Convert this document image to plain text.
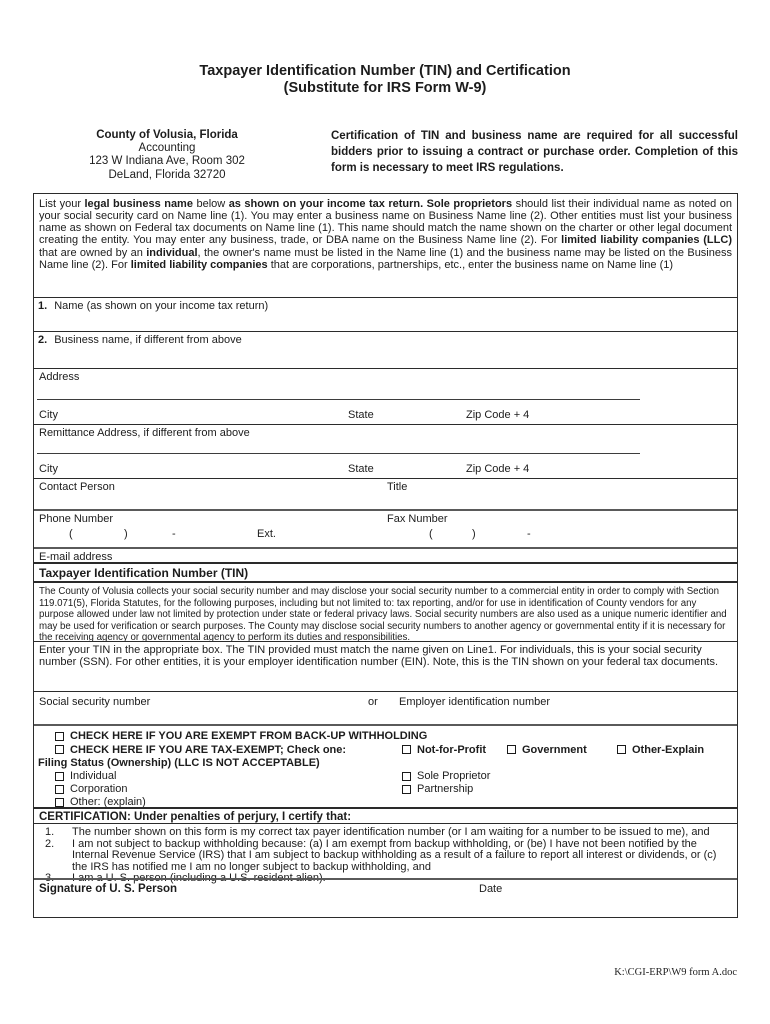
Taxpayer Identification Number (TIN) and Certification
(Substitute for IRS Form W-9)
County of Volusia, Florida
Accounting
123 W Indiana Ave, Room 302
DeLand, Florida 32720
Certification of TIN and business name are required for all successful bidders prior to issuing a contract or purchase order. Completion of this form is necessary to meet IRS regulations.
List your legal business name below as shown on your income tax return. Sole proprietors should list their individual name as noted on your social security card on Name line (1). You may enter a business name on Business Name line (2). Other entities must list your business name as shown on Federal tax documents on Name line (1). This name should match the name shown on the charter or other legal document creating the entity. You may enter any business, trade, or DBA name on the Business Name line (2). For limited liability companies (LLC) that are owned by an individual, the owner's name must be listed in the Name line (1) and the business name may be listed on the Business Name line (2). For limited liability companies that are corporations, partnerships, etc., enter the business name on Name line (1)
1. Name (as shown on your income tax return)
2. Business name, if different from above
Address
City	State	Zip Code + 4
Remittance Address, if different from above
City	State	Zip Code + 4
Contact Person	Title
Phone Number	Fax Number
(	)	-	Ext.	(	)	-
E-mail address
Taxpayer Identification Number (TIN)
The County of Volusia collects your social security number and may disclose your social security number to a commercial entity in order to comply with Section 119.071(5), Florida Statutes, for the following purposes, including but not limited to: tax reporting, and/or for use in identification of County vendors for any purpose allowed under law not limited by protection under state or federal privacy laws. Social security numbers are also used as a unique numeric identifier and may be used for verification or search purposes. The County may disclose social security numbers to another agency or governmental entity if it is necessary for the receiving agency or governmental agency to perform its duties and responsibilities.
Enter your TIN in the appropriate box. The TIN provided must match the name given on Line1. For individuals, this is your social security number (SSN). For other entities, it is your employer identification number (EIN). Note, this is the TIN shown on your federal tax documents.
Social security number	or Employer identification number
CHECK HERE IF YOU ARE EXEMPT FROM BACK-UP WITHHOLDING
CHECK HERE IF YOU ARE TAX-EXEMPT; Check one:	Not-for-Profit	Government	Other-Explain
Filing Status (Ownership) (LLC IS NOT ACCEPTABLE)
Individual	Sole Proprietor
Corporation	Partnership
Other: (explain)
CERTIFICATION: Under penalties of perjury, I certify that:
1.	The number shown on this form is my correct tax payer identification number (or I am waiting for a number to be issued to me), and
2.	I am not subject to backup withholding because: (a) I am exempt from backup withholding, or (be) I have not been notified by the Internal Revenue Service (IRS) that I am subject to backup withholding as a result of a failure to report all interest or dividends, or (c) the IRS has notified me I am no longer subject to backup withholding, and
3.	I am a U. S. person (including a U.S. resident alien).
Signature of U. S. Person	Date
K:\CGI-ERP\W9 form A.doc
